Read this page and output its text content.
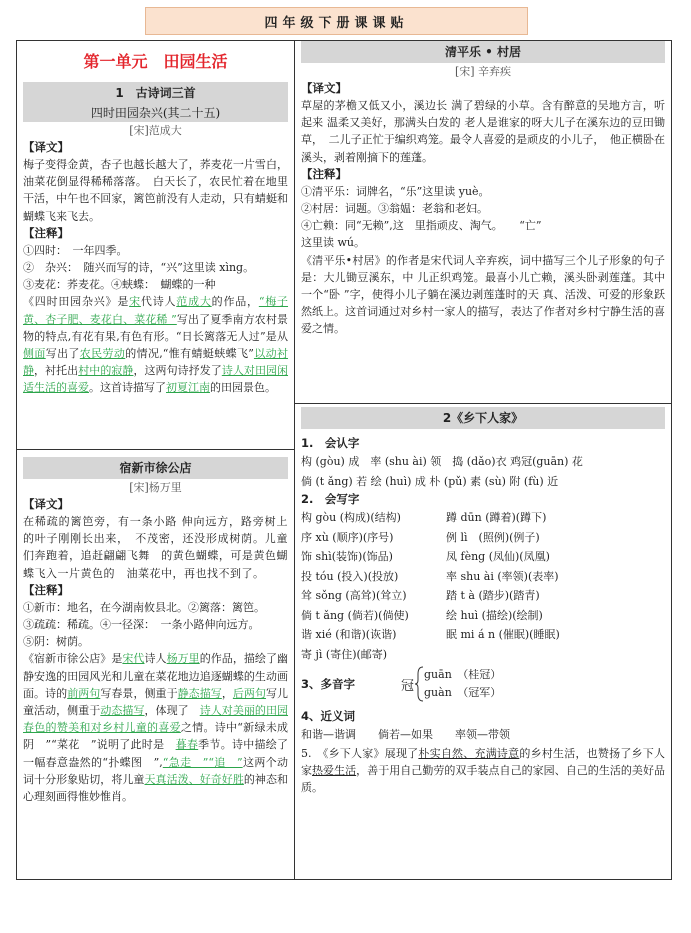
四年级下册课课贴
第一单元　田园生活
1　古诗词三首
四时田园杂兴(其二十五)
[宋]范成大
【译文】
梅子变得金黄，杏子也越长越大了，荞麦花一片雪白，油菜花倒显得稀稀落落。　白天长了，农民忙着在地里干活，中午也不回家，篱笆前没有人走动，只有蜻蜓和蝴蝶飞来飞去。
【注释】
①四时：　一年四季。
②　杂兴：　随兴而写的诗，“兴”这里读 xìng。
③麦花：荞麦花。④蛱蝶：　蝴蝶的一种
《四时田园杂兴》是宋代诗人范成大的作品，“梅子黄、杏子肥、麦花白、菜花稀 ”写出了夏季南方农村景物的特点,有花有果,有色有形。“日长篱落无人过”是从侧面写出了农民劳动的情况,“惟有蜻蜓蛱蝶飞”以动衬静，衬托出村中的寂静，这两句诗抒发了诗人对田园闲适生活的喜爱。这首诗描写了初夏江南的田园景色。
宿新市徐公店
[宋]杨万里
【译文】
在稀疏的篱笆旁，有一条小路 伸向远方，路旁树上的叶子刚刚长出来，　不茂密，还没形成树荫。儿童们奔跑着，追赶翩翩飞舞　的黄色蝴蝶，可是黄色蝴蝶飞入一片黄色的　油菜花中，再也找不到了。
【注释】
①新市：地名，在今湖南攸县北。②篱落：篱笆。
③疏疏：稀疏。④一径深：　一条小路伸向远方。
⑤阴：树荫。
《宿新市徐公店》是宋代诗人杨万里的作品，描绘了幽静安逸的田园风光和儿童在菜花地边追逐蝴蝶的生动画面。诗的前两句写春景，侧重于静态描写，后两句写儿童活动，侧重于动态描写，体现了　诗人对美丽的田园春色的赞美和对乡村儿童的喜爱之情。诗中“新绿未成阴　”“菜花　”说明了此时是　暮春季节。诗中描绘了一幅春意盎然的“扑蝶图　”,“急走　”“追　”这两个动词十分形象贴切，将儿童天真活泼、好奇好胜的神态和心理刻画得惟妙惟肖。
清平乐 • 村居
[宋] 辛弃疾
【译文】
草屋的茅檐又低又小，溪边长 满了碧绿的小草。含有醉意的吴地方言，听起来 温柔又美好，那满头白发的 老人是谁家的呀大儿子在溪东边的豆田锄草，　二儿子正忙于编织鸡笼。最令人喜爱的是顽皮的小儿子，　他正横卧在溪头，剥着刚摘下的莲蓬。
【注释】
①清平乐：词牌名，“乐”这里读 yuè。
②村居：词题。③翁媪：老翁和老妇。
④亡赖：同“无赖”,这　里指顽皮、淘气。　　“亡”
这里读 wú。
《清平乐•村居》的作者是宋代词人辛弃疾，词中描写三个儿子形象的句子是：大儿锄豆溪东，中 儿正织鸡笼。最喜小儿亡赖，溪头卧剥莲蓬。其中一个“卧 ”字，使得小儿子躺在溪边剥莲蓬时的天 真、活泼、可爱的形象跃然纸上。这首词通过对乡村一家人的描写，表达了作者对乡村宁静生活的喜爱之情。
2《乡下人家》
1.　会认字
构 (gòu) 成　率 (shu ài) 领　捣 (dǎo)衣 鸡冠(guān) 花
倘 (t ǎng) 若 绘 (huì) 成 朴 (pǔ) 素 (sù) 附 (fù) 近
2.　会写字
构 gòu (构成)(结构)	蹲 dūn (蹲着)(蹲下)
序 xù (顺序)(序号)	例 lì　(照例)(例子)
饰 shì(装饰)(饰品)	凤 fèng (凤仙)(凤凰)
投 tóu (投入)(投放)	率 shu ài (率领)(表率)
耸 sǒng (高耸)(耸立)	踏 t à (踏步)(踏青)
倘 t ǎng (倘若)(倘使)	绘 huì (描绘)(绘制)
谐 xié (和谐)(诙谐)	眠 mi á n (催眠)(睡眠)
寄 jì (寄住)(邮寄)
3、多音字	冠
guān　（桂冠）
guàn　（冠军）
4、近义词
和谐—谐调　　倘若—如果　　率领—带领
5.　《乡下人家》展现了朴实自然、充满诗意的乡村生活，也赞扬了乡下人家热爱生活，善于用自己勤劳的双手装点自己的家园、自己的生活的美好品质。
